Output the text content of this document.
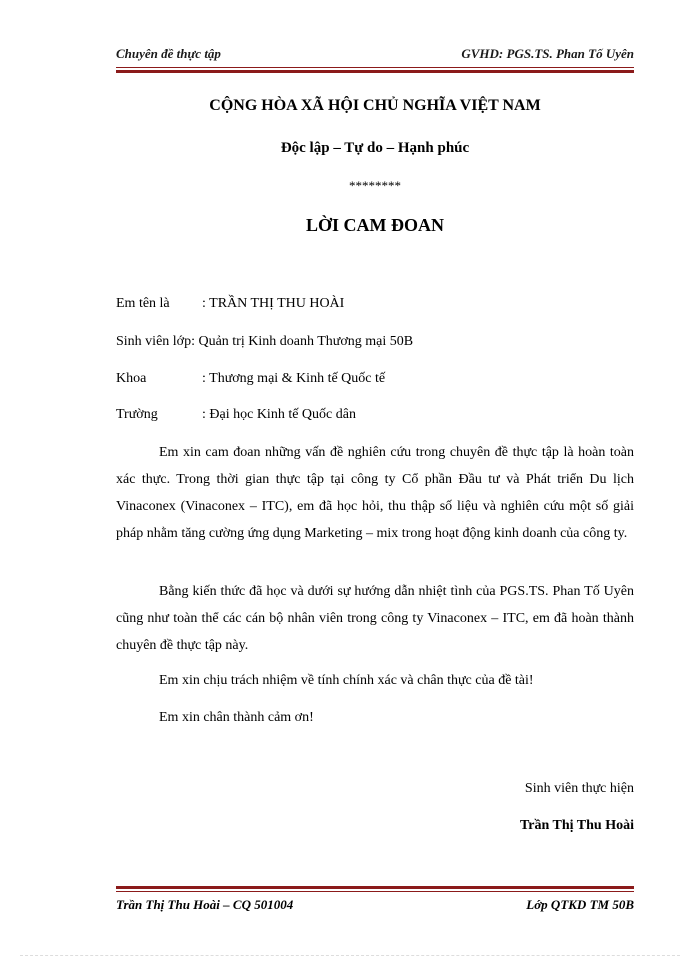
Chuyên đề thực tập	GVHD: PGS.TS. Phan Tố Uyên
CỘNG HÒA XÃ HỘI CHỦ NGHĨA VIỆT NAM
Độc lập – Tự do – Hạnh phúc
********
LỜI CAM ĐOAN
Em tên là : TRẦN THỊ THU HOÀI
Sinh viên lớp: Quản trị Kinh doanh Thương mại 50B
Khoa	: Thương mại & Kinh tế Quốc tế
Trường	: Đại học Kinh tế Quốc dân
Em xin cam đoan những vấn đề nghiên cứu trong chuyên đề thực tập là hoàn toàn xác thực. Trong thời gian thực tập tại công ty Cổ phần Đầu tư và Phát triển Du lịch Vinaconex (Vinaconex – ITC), em đã học hỏi, thu thập số liệu và nghiên cứu một số giải pháp nhằm tăng cường ứng dụng Marketing – mix trong hoạt động kinh doanh của công ty.
Bằng kiến thức đã học và dưới sự hướng dẫn nhiệt tình của PGS.TS. Phan Tố Uyên cũng như toàn thể các cán bộ nhân viên trong công ty Vinaconex – ITC, em đã hoàn thành chuyên đề thực tập này.
Em xin chịu trách nhiệm về tính chính xác và chân thực của đề tài!
Em xin chân thành cảm ơn!
Sinh viên thực hiện
Trần Thị Thu Hoài
Trần Thị Thu Hoài – CQ 501004	Lớp QTKD TM 50B
